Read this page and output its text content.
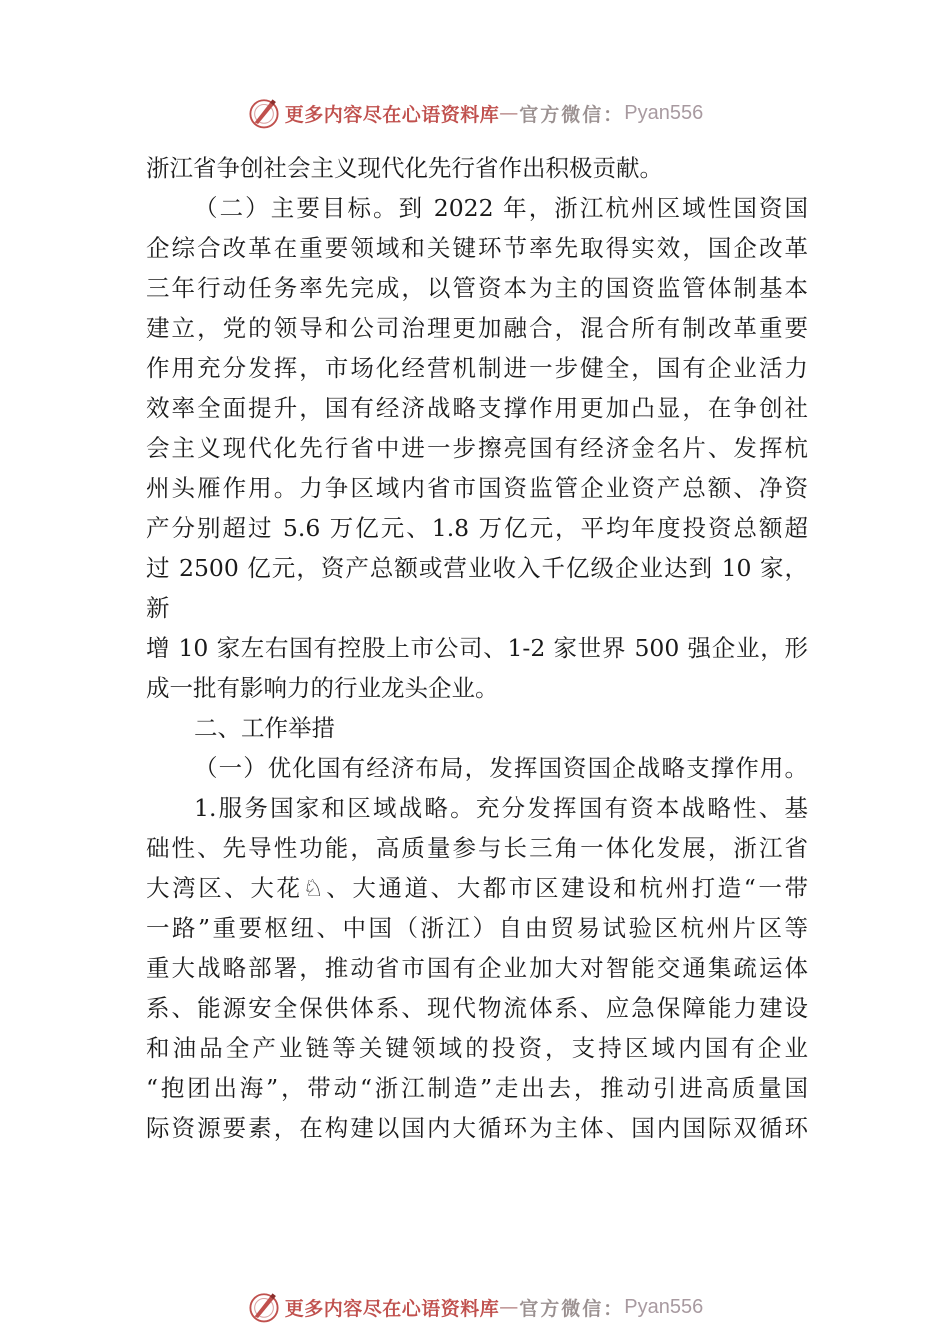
更多内容尽在心语资料库 — 官方微信： Pyan556
浙江省争创社会主义现代化先行省作出积极贡献。
（二）主要目标。到 2022 年，浙江杭州区域性国资国
企综合改革在重要领域和关键环节率先取得实效，国企改革
三年行动任务率先完成，以管资本为主的国资监管体制基本
建立，党的领导和公司治理更加融合，混合所有制改革重要
作用充分发挥，市场化经营机制进一步健全，国有企业活力
效率全面提升，国有经济战略支撑作用更加凸显，在争创社
会主义现代化先行省中进一步擦亮国有经济金名片、发挥杭
州头雁作用。力争区域内省市国资监管企业资产总额、净资
产分别超过 5.6 万亿元、1.8 万亿元，平均年度投资总额超
过 2500 亿元，资产总额或营业收入千亿级企业达到 10 家，
新
增 10 家左右国有控股上市公司、1-2 家世界 500 强企业，形
成一批有影响力的行业龙头企业。
二、工作举措
（一）优化国有经济布局，发挥国资国企战略支撑作用。
1.服务国家和区域战略。充分发挥国有资本战略性、基
础性、先导性功能，高质量参与长三角一体化发展，浙江省
大湾区、大花♘、大通道、大都市区建设和杭州打造“一带
一路”重要枢纽、中国（浙江）自由贸易试验区杭州片区等
重大战略部署，推动省市国有企业加大对智能交通集疏运体
系、能源安全保供体系、现代物流体系、应急保障能力建设
和油品全产业链等关键领域的投资，支持区域内国有企业
“抱团出海”，带动“浙江制造”走出去，推动引进高质量国
际资源要素，在构建以国内大循环为主体、国内国际双循环
更多内容尽在心语资料库 — 官方微信： Pyan556
